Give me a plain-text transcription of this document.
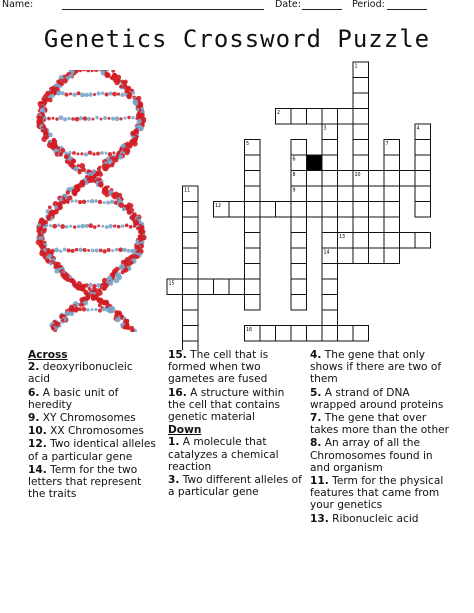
Name:	Date:	Period:
Genetics Crossword Puzzle
1
10
2
3
14
4
5
6
8
9
7
11
12
13
15
16
Across
2. deoxyribonucleic acid
6. A basic unit of heredity
9. XY Chromosomes
10. XX Chromosomes
12. Two identical alleles of a particular gene
14. Term for the two letters that represent the traits
15. The cell that is formed when two gametes are fused
16. A structure within the cell that contains genetic material
Down
1. A molecule that catalyzes a chemical reaction
3. Two different alleles of a particular gene
4. The gene that only shows if there are two of them
5. A strand of DNA wrapped around proteins
7. The gene that over takes more than the other
8. An array of all the Chromosomes found in and organism
11. Term for the physical features that came from your genetics
13. Ribonucleic acid
